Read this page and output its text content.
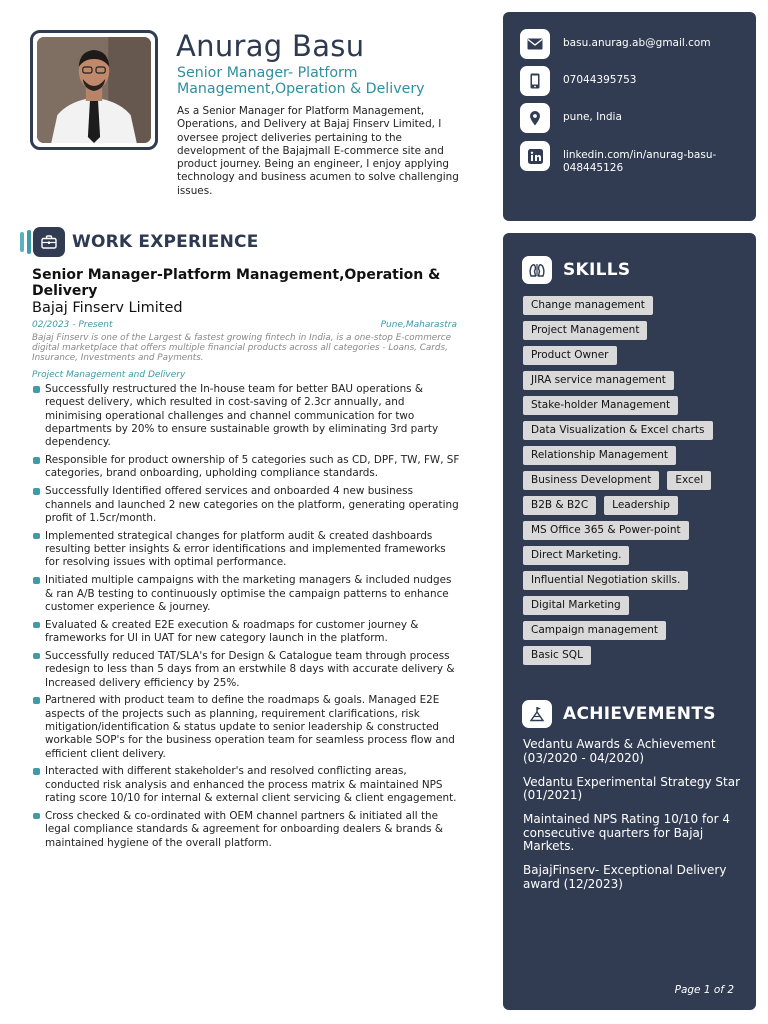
Anurag Basu

Senior Manager- Platform Management,Operation & Delivery

As a Senior Manager for Platform Management, Operations, and Delivery at Bajaj Finserv Limited, I oversee project deliveries pertaining to the development of the Bajajmall E-commerce site and product journey. Being an engineer, I enjoy applying technology and business acumen to solve challenging issues.

WORK EXPERIENCE
Senior Manager-Platform Management,Operation & Delivery
Bajaj Finserv Limited
02/2023 - Present	Pune,Maharastra

Bajaj Finserv is one of the Largest & fastest growing fintech in India, is a one-stop E-commerce digital marketplace that offers multiple financial products across all categories - Loans, Cards, Insurance, Investments and Payments.

Project Management and Delivery
Successfully restructured the In-house team for better BAU operations & request delivery, which resulted in cost-saving of 2.3cr annually, and minimising operational challenges and channel communication for two departments by 20% to ensure sustainable growth by eliminating 3rd party dependency.
Responsible for product ownership of 5 categories such as CD, DPF, TW, FW, SF categories, brand onboarding, upholding compliance standards.
Successfully Identified offered services and onboarded 4 new business channels and launched 2 new categories on the platform, generating operating profit of 1.5cr/month.
Implemented strategical changes for platform audit & created dashboards resulting better insights & error identifications and implemented frameworks for resolving issues with optimal performance.
Initiated multiple campaigns with the marketing managers & included nudges & ran A/B testing to continuously optimise the campaign patterns to enhance customer experience & journey.
Evaluated & created E2E execution & roadmaps for customer journey & frameworks for UI in UAT for new category launch in the platform.
Successfully reduced TAT/SLA's for Design & Catalogue team through process redesign to less than 5 days from an erstwhile 8 days with accurate delivery & Increased delivery efficiency by 25%.
Partnered with product team to define the roadmaps & goals. Managed E2E aspects of the projects such as planning, requirement clarifications, risk mitigation/identification & status update to senior leadership & constructed workable SOP's for the business operation team for seamless process flow and efficient client delivery.
Interacted with different stakeholder's and resolved conflicting areas, conducted risk analysis and enhanced the process matrix & maintained NPS rating score 10/10 for internal & external client servicing & client engagement.
Cross checked & co-ordinated with OEM channel partners & initiated all the legal compliance standards & agreement for onboarding dealers & brands & maintained hygiene of the overall platform.
basu.anurag.ab@gmail.com
07044395753
pune, India
linkedin.com/in/anurag-basu-048445126
SKILLS
Change management
Project Management
Product Owner
JIRA service management
Stake-holder Management
Data Visualization & Excel charts
Relationship Management
Business Development	Excel
B2B & B2C	Leadership
MS Office 365 & Power-point
Direct Marketing.
Influential Negotiation skills.
Digital Marketing
Campaign management
Basic SQL
ACHIEVEMENTS
Vedantu Awards & Achievement (03/2020 - 04/2020)
Vedantu Experimental Strategy Star (01/2021)
Maintained NPS Rating 10/10 for 4 consecutive quarters for Bajaj Markets.
BajajFinserv- Exceptional Delivery award (12/2023)
Page 1 of 2
